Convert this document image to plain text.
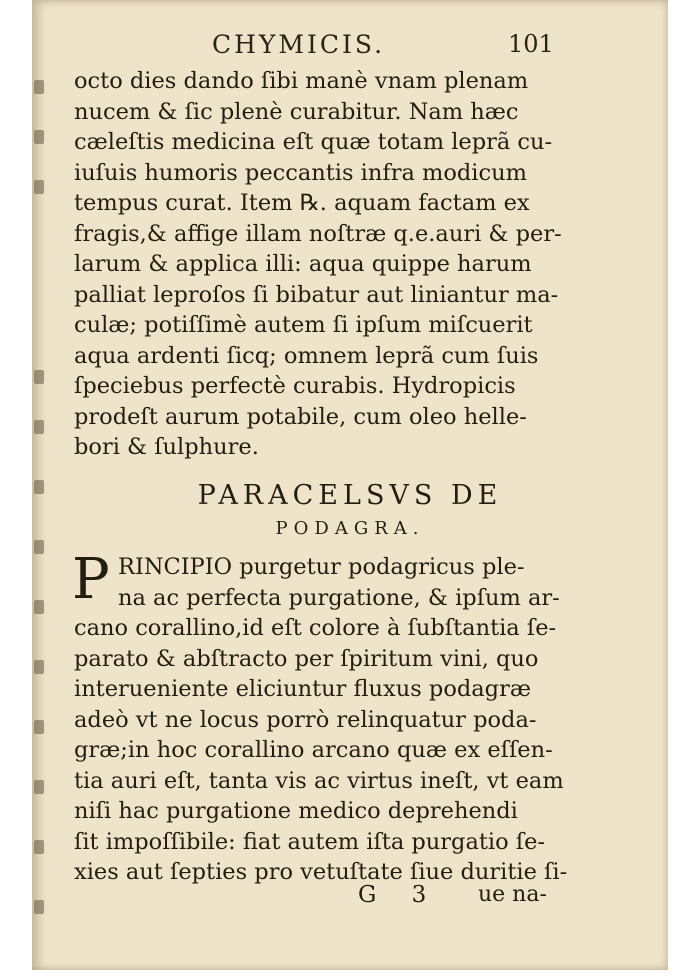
CHYMICIS.	101
octo dies dando ſibi manè vnam plenam
nucem & ſic plenè curabitur. Nam hæc
cæleſtis medicina eſt quæ totam leprã cu-
iuſuis humoris peccantis infra modicum
tempus curat. Item ℞. aquam factam ex
fragis,& affige illam noſtræ q.e.auri & per-
larum & applica illi: aqua quippe harum
palliat leproſos ſi bibatur aut liniantur ma-
culæ; potiſſimè autem ſi ipſum miſcuerit
aqua ardenti ſicq; omnem leprã cum ſuis
ſpeciebus perfectè curabis. Hydropicis
prodeſt aurum potabile, cum oleo helle-
bori & ſulphure.
PARACELSVS DE
PODAGRA.
P RINCIPIO purgetur podagricus ple-
na ac perfecta purgatione, & ipſum ar-
cano corallino,id eſt colore à ſubſtantia ſe-
parato & abſtracto per ſpiritum vini, quo
interueniente eliciuntur fluxus podagræ
adeò vt ne locus porrò relinquatur poda-
græ;in hoc corallino arcano quæ ex eſſen-
tia auri eſt, tanta vis ac virtus ineſt, vt eam
niſi hac purgatione medico deprehendi
ſit impoſſibile: fiat autem iſta purgatio ſe-
xies aut ſepties pro vetuſtate ſiue duritie ſi-
G 3 ue na-
